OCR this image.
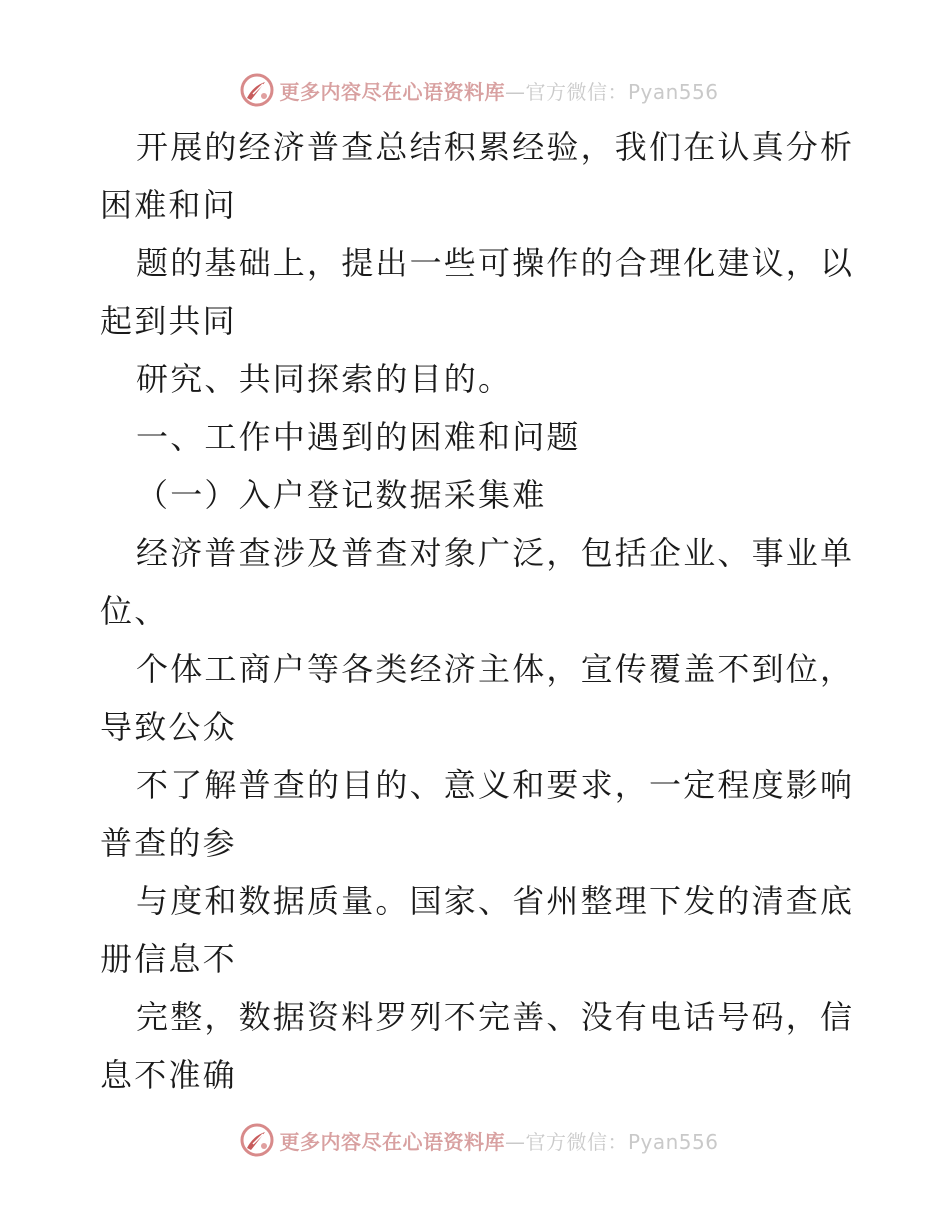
更多内容尽在心语资料库—官方微信：Pyan556
开展的经济普查总结积累经验，我们在认真分析
困难和问
题的基础上，提出一些可操作的合理化建议，以
起到共同
研究、共同探索的目的。
一、工作中遇到的困难和问题
（一）入户登记数据采集难
经济普查涉及普查对象广泛，包括企业、事业单
位、
个体工商户等各类经济主体，宣传覆盖不到位，
导致公众
不了解普查的目的、意义和要求，一定程度影响
普查的参
与度和数据质量。国家、省州整理下发的清查底
册信息不
完整，数据资料罗列不完善、没有电话号码，信
息不准确
更多内容尽在心语资料库—官方微信：Pyan556
